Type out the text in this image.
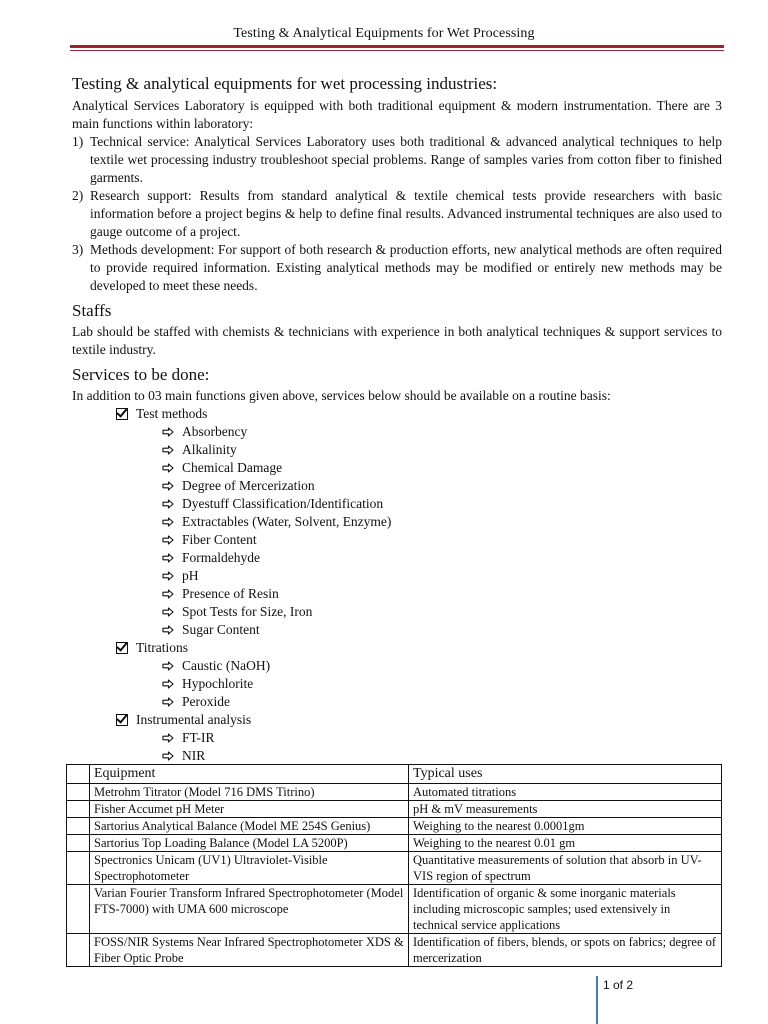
Testing & Analytical Equipments for Wet Processing
Testing & analytical equipments for wet processing industries:

Analytical Services Laboratory is equipped with both traditional equipment & modern instrumentation. There are 3 main functions within laboratory:

1) Technical service: Analytical Services Laboratory uses both traditional & advanced analytical techniques to help textile wet processing industry troubleshoot special problems. Range of samples varies from cotton fiber to finished garments.
2) Research support: Results from standard analytical & textile chemical tests provide researchers with basic information before a project begins & help to define final results. Advanced instrumental techniques are also used to gauge outcome of a project.
3) Methods development: For support of both research & production efforts, new analytical methods are often required to provide required information. Existing analytical methods may be modified or entirely new methods may be developed to meet these needs.
Staffs

Lab should be staffed with chemists & technicians with experience in both analytical techniques & support services to textile industry.

Services to be done:

In addition to 03 main functions given above, services below should be available on a routine basis:

Test methods
Absorbency
Alkalinity
Chemical Damage
Degree of Mercerization
Dyestuff Classification/Identification
Extractables (Water, Solvent, Enzyme)
Fiber Content
Formaldehyde
pH
Presence of Resin
Spot Tests for Size, Iron
Sugar Content
Titrations
Caustic (NaOH)
Hypochlorite
Peroxide
Instrumental analysis
FT-IR
NIR
	Equipment	Typical uses
	Metrohm Titrator (Model 716 DMS Titrino)	Automated titrations
	Fisher Accumet pH Meter	pH & mV measurements
	Sartorius Analytical Balance (Model ME 254S Genius)	Weighing to the nearest 0.0001gm
	Sartorius Top Loading Balance (Model LA 5200P)	Weighing to the nearest 0.01 gm
	Spectronics Unicam (UV1) Ultraviolet-Visible Spectrophotometer	Quantitative measurements of solution that absorb in UV-VIS region of spectrum
	Varian Fourier Transform Infrared Spectrophotometer (Model FTS-7000) with UMA 600 microscope	Identification of organic & some inorganic materials including microscopic samples; used extensively in technical service applications
	FOSS/NIR Systems Near Infrared Spectrophotometer XDS & Fiber Optic Probe	Identification of fibers, blends, or spots on fabrics; degree of mercerization
1 of 2
